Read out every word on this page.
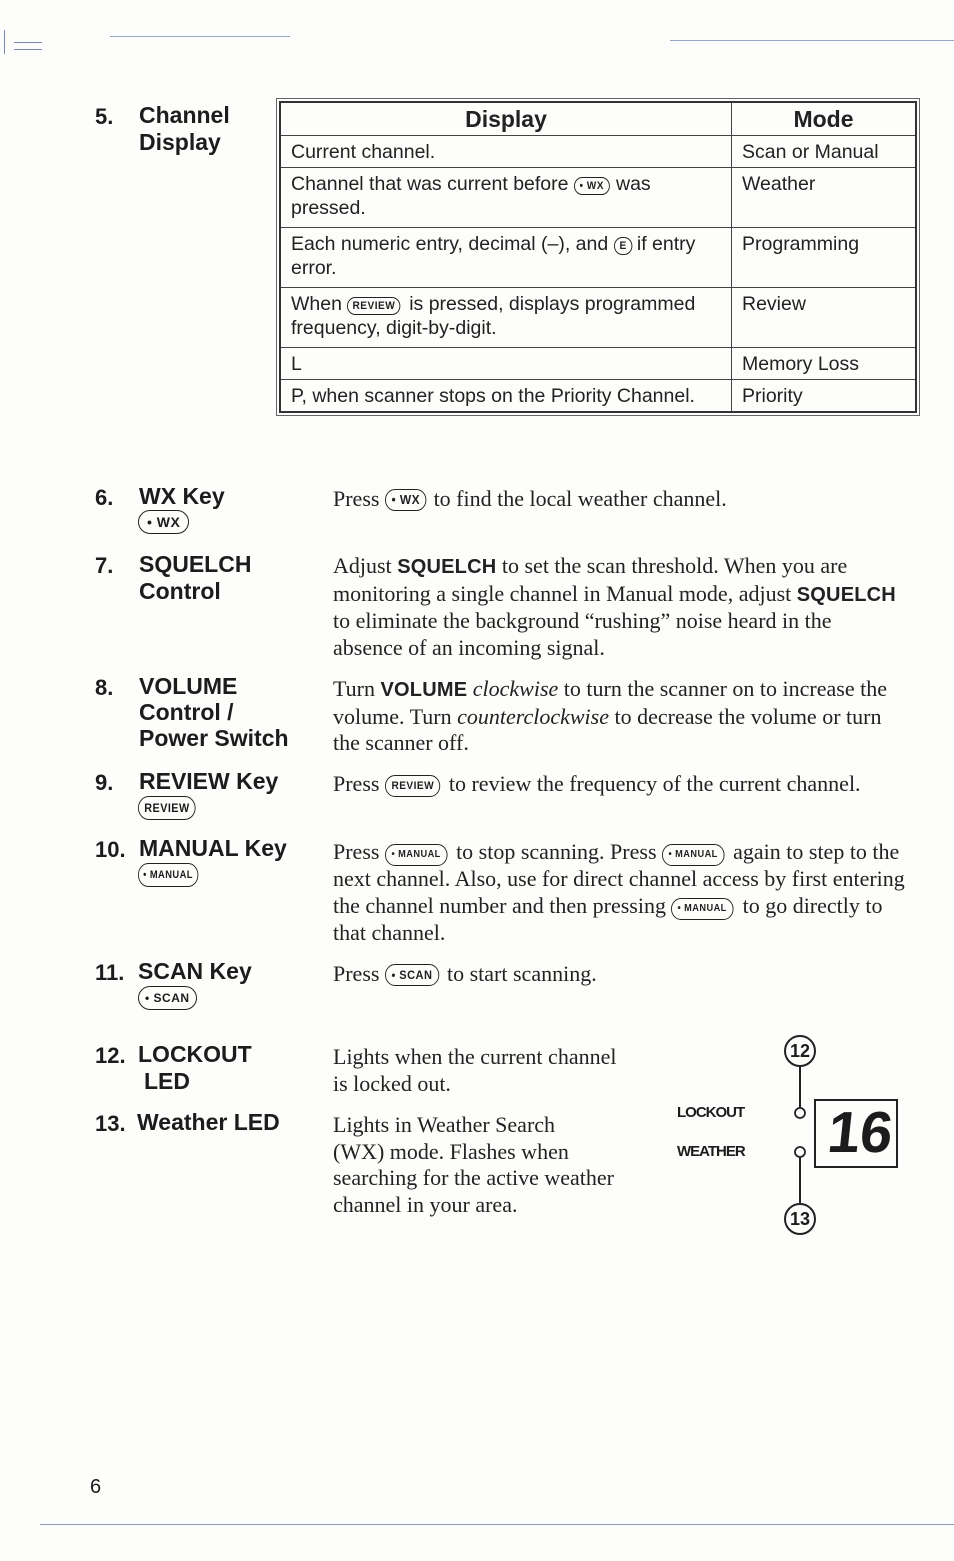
5. Channel
Display
Display	Mode
Current channel.	Scan or Manual
Channel that was current before • WX was pressed.	Weather
Each numeric entry, decimal (–), and E if entry error.	Programming
When REVIEW is pressed, displays programmed frequency, digit-by-digit.	Review
L	Memory Loss
P, when scanner stops on the Priority Channel.	Priority
6. WX Key
• WX
Press • WX to find the local weather channel.
7. SQUELCH
Control
Adjust SQUELCH to set the scan threshold. When you are monitoring a single channel in Manual mode, adjust SQUELCH to eliminate the background “rushing” noise heard in the absence of an incoming signal.
8. VOLUME
Control /
Power Switch
Turn VOLUME clockwise to turn the scanner on to increase the volume. Turn counterclockwise to decrease the volume or turn the scanner off.
9. REVIEW Key
REVIEW
Press REVIEW to review the frequency of the current channel.
10. MANUAL Key
• MANUAL
Press • MANUAL to stop scanning. Press • MANUAL again to step to the next channel. Also, use for direct channel access by first entering the channel number and then pressing • MANUAL to go directly to that channel.
11. SCAN Key
• SCAN
Press • SCAN to start scanning.
12. LOCKOUT
LED
Lights when the current channel
is locked out.
13. Weather LED Lights in Weather Search
(WX) mode. Flashes when
searching for the active weather
channel in your area.
12
13
LOCKOUT
WEATHER 16
6
